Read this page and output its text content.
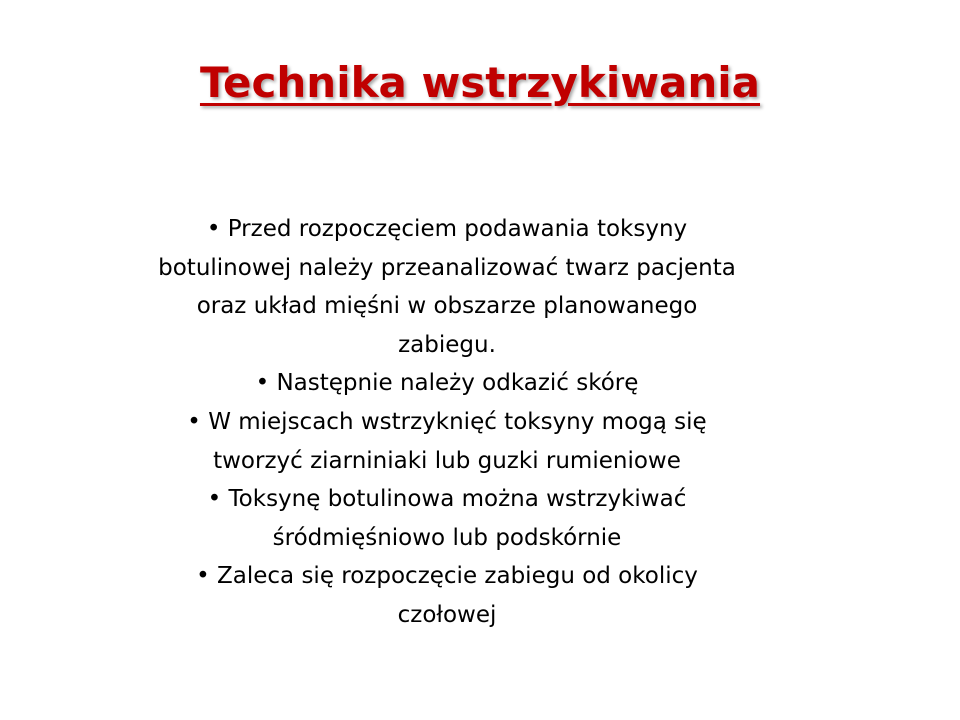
Technika wstrzykiwania

• Przed rozpoczęciem podawania toksyny botulinowej należy przeanalizować twarz pacjenta oraz układ mięśni w obszarze planowanego zabiegu.

• Następnie należy odkazić skórę

• W miejscach wstrzyknięć toksyny mogą się tworzyć ziarniniaki lub guzki rumieniowe

• Toksynę botulinowa można wstrzykiwać śródmięśniowo lub podskórnie

• Zaleca się rozpoczęcie zabiegu od okolicy czołowej
